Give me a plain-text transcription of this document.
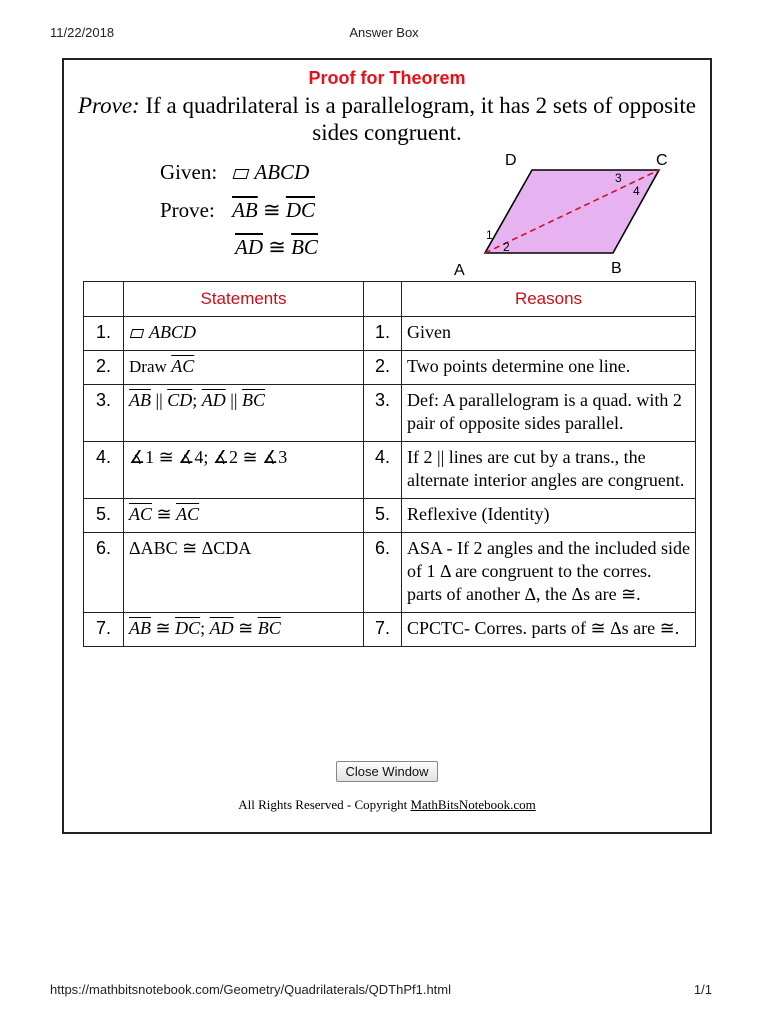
11/22/2018	Answer Box
Proof for Theorem
Prove: If a quadrilateral is a parallelogram, it has 2 sets of opposite sides congruent.
Given: ABCD
Prove: $\overline{AB}$ ≅ $\overline{DC}$
$\overline{AD}$ ≅ $\overline{BC}$
D	C
A	B
1
2
3
4
	Statements		Reasons
1.	ABCD	1.	Given
2.	Draw $\overline{AC}$	2.	Two points determine one line.
3.	$\overline{AB}$ || $\overline{CD}$; $\overline{AD}$ || $\overline{BC}$	3.	Def: A parallelogram is a quad. with 2 pair of opposite sides parallel.
4.	∡1 ≅ ∡4; ∡2 ≅ ∡3	4.	If 2 || lines are cut by a trans., the alternate interior angles are congruent.
5.	$\overline{AC}$ ≅ $\overline{AC}$	5.	Reflexive (Identity)
6.	ΔABC ≅ ΔCDA	6.	ASA - If 2 angles and the included side of 1 Δ are congruent to the corres. parts of another Δ, the Δs are ≅.
7.	$\overline{AB}$ ≅ $\overline{DC}$; $\overline{AD}$ ≅ $\overline{BC}$	7.	CPCTC- Corres. parts of ≅ Δs are ≅.
Close Window
All Rights Reserved - Copyright MathBitsNotebook.com
https://mathbitsnotebook.com/Geometry/Quadrilaterals/QDThPf1.html	1/1
